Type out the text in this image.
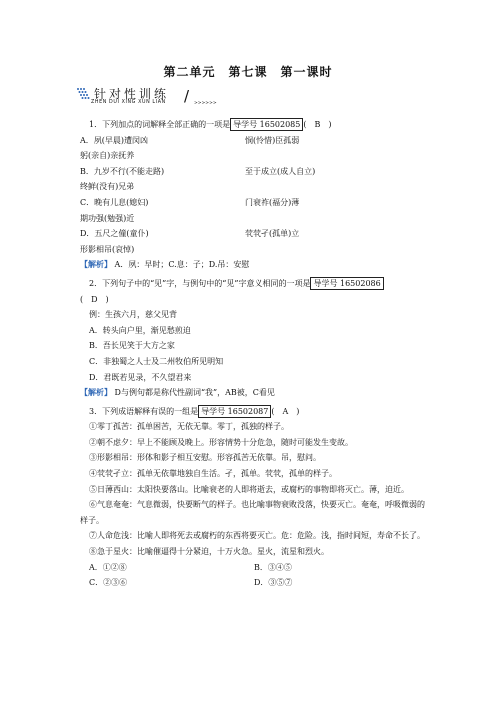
第二单元　第七课　第一课时
针对性训练
ZHEN DUI XING XUN LIAN / >>>>>>
1．下列加点的词解释全部正确的一项是 导学号 16502085 (　B　)
A．夙(早晨)遭闵凶	悯(怜惜)臣孤弱
躬(亲自)亲抚养
B．九岁不行(不能走路)	至于成立(成人自立)
终鲜(没有)兄弟
C．晚有儿息(媳妇)	门衰祚(福分)薄
期功强(勉强)近
D．五尺之僮(童仆)	茕茕孑(孤单)立
形影相吊(哀悼)
【解析】 A．夙：早时；C.息：子；D.吊：安慰
2．下列句子中的“见”字，与例句中的“见”字意义相同的一项是 导学号 16502086
(　D　)
例：生孩六月，慈父见背
A．转头向户里，渐见愁煎迫
B．吾长见笑于大方之家
C．非独蜀之人士及二州牧伯所见明知
D．君既若见录，不久望君来
【解析】 D与例句都是称代性副词“我”，AB被，C看见
3．下列成语解释有误的一组是 导学号 16502087 (　A　)
①零丁孤苦：孤单困苦，无依无靠。零丁，孤独的样子。
②朝不虑夕：早上不能顾及晚上。形容情势十分危急，随时可能发生变故。
③形影相吊：形体和影子相互安慰。形容孤苦无依靠。吊，慰问。
④茕茕孑立：孤单无依靠地独自生活。孑，孤单。茕茕，孤单的样子。
⑤日薄西山：太阳快要落山。比喻衰老的人即将逝去，或腐朽的事物即将灭亡。薄，迫近。
⑥气息奄奄：气息微弱，快要断气的样子。也比喻事物衰败没落，快要灭亡。奄奄，呼吸微弱的样子。
⑦人命危浅：比喻人即将死去或腐朽的东西将要灭亡。危：危险。浅，指时间短，寿命不长了。
⑧急于星火：比喻催逼得十分紧迫，十万火急。星火，流星和烈火。
A．①②⑧	B．③④⑤
C．②③⑥	D．③⑤⑦
